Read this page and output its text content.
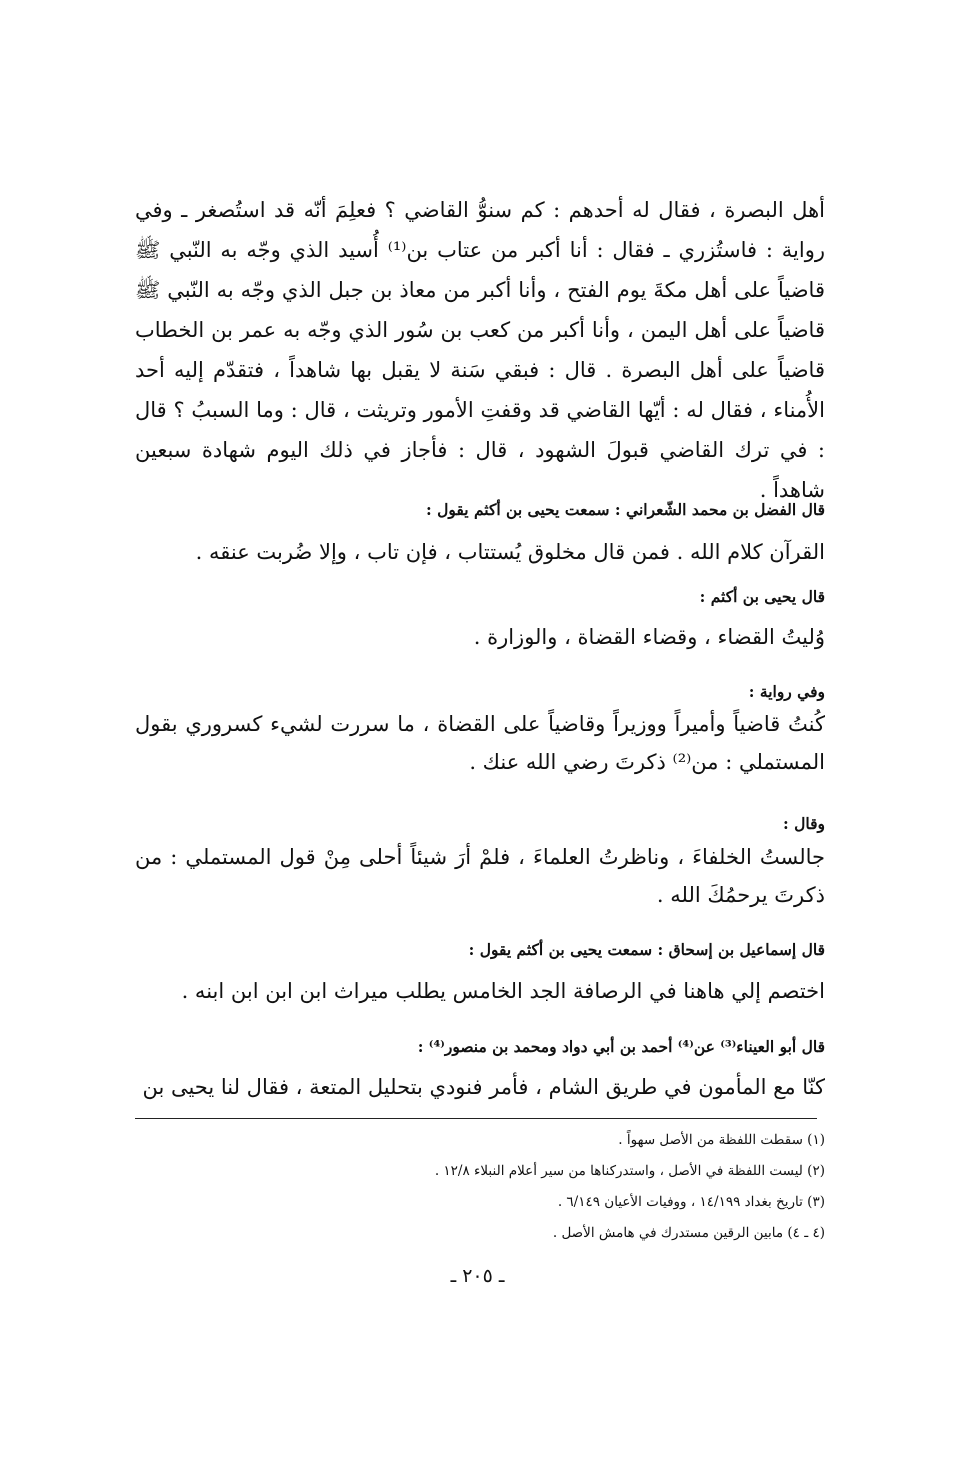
أهل البصرة ، فقال له أحدهم : كم سنوُّ القاضي ؟ فعلِمَ أنّه قد استُصغر ـ وفي رواية : فاستُزري ـ فقال : أنا أكبر من عتاب بن⁽¹⁾ أُسيد الذي وجّه به النّبي ﷺ قاضياً على أهل مكةَ يوم الفتح ، وأنا أكبر من معاذ بن جبل الذي وجّه به النّبي ﷺ قاضياً على أهل اليمن ، وأنا أكبر من كعب بن سُور الذي وجّه به عمر بن الخطاب قاضياً على أهل البصرة . قال : فبقي سَنة لا يقبل بها شاهداً ، فتقدّم إليه أحد الأُمناء ، فقال له : أيّها القاضي قد وقفتِ الأمور وتريثت ، قال : وما السببُ ؟ قال : في ترك القاضي قبولَ الشهود ، قال : فأجاز في ذلك اليوم شهادة سبعين شاهداً .
قال الفضل بن محمد الشّعراني : سمعت يحيى بن أكثم يقول :
القرآن كلام الله . فمن قال مخلوق يُستتاب ، فإن تاب ، وإلا ضُربت عنقه .
قال يحيى بن أكثم :
وُليتُ القضاء ، وقضاء القضاة ، والوزارة .
وفي رواية :
كُنتُ قاضياً وأميراً ووزيراً وقاضياً على القضاة ، ما سررت لشيء كسروري بقول المستملي : من⁽²⁾ ذكرتَ رضي الله عنك .
وقال :
جالستُ الخلفاءَ ، وناظرتُ العلماءَ ، فلمْ أرَ شيئاً أحلى مِنْ قول المستملي : من ذكرتَ يرحمُكَ الله .
قال إسماعيل بن إسحاق : سمعت يحيى بن أكثم يقول :
اختصم إلي هاهنا في الرصافة الجد الخامس يطلب ميراث ابن ابن ابن ابنه .
قال أبو العيناء⁽³⁾ عن⁽⁴⁾ أحمد بن أبي دواد ومحمد بن منصور⁽⁴⁾ :
كنّا مع المأمون في طريق الشام ، فأمر فنودي بتحليل المتعة ، فقال لنا يحيى بن
(١) سقطت اللفظة من الأصل سهواً .
(٢) ليست اللفظة في الأصل ، واستدركناها من سير أعلام النبلاء ١٢/٨ .
(٣) تاريخ بغداد ١٤/١٩٩ ، ووفيات الأعيان ٦/١٤٩ .
(٤ ـ ٤) مابين الرقين مستدرك في هامش الأصل .
ـ ٢٠٥ ـ
